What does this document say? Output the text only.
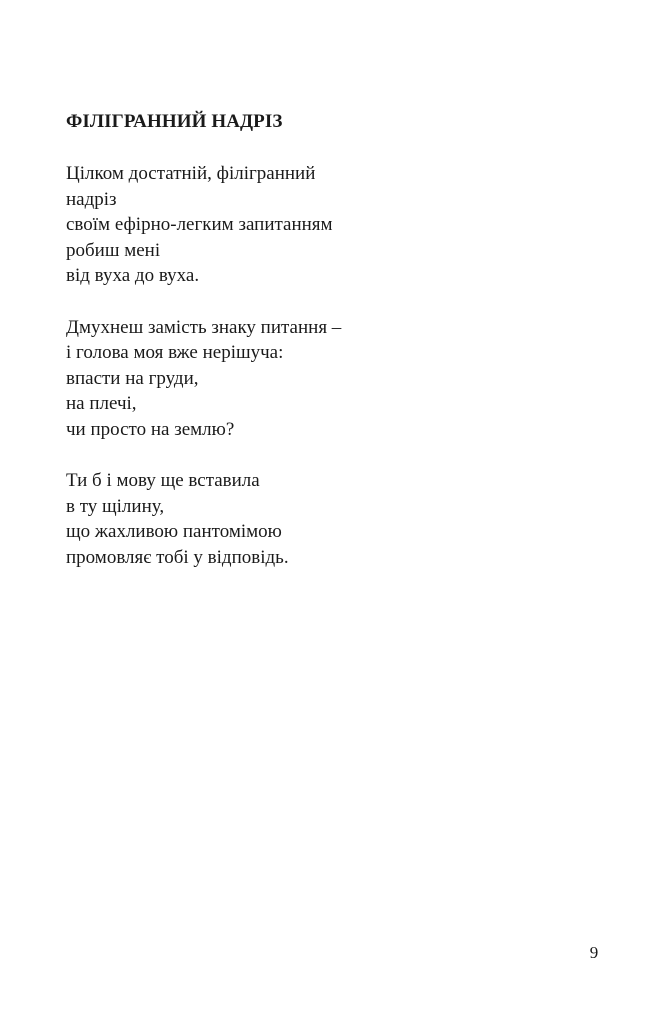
ФІЛІГРАННИЙ НАДРІЗ
Цілком достатній, філігранний
надріз
своїм ефірно-легким запитанням
робиш мені
від вуха до вуха.
Дмухнеш замість знаку питання –
і голова моя вже нерішуча:
впасти на груди,
на плечі,
чи просто на землю?
Ти б і мову ще вставила
в ту щілину,
що жахливою пантомімою
промовляє тобі у відповідь.
9
